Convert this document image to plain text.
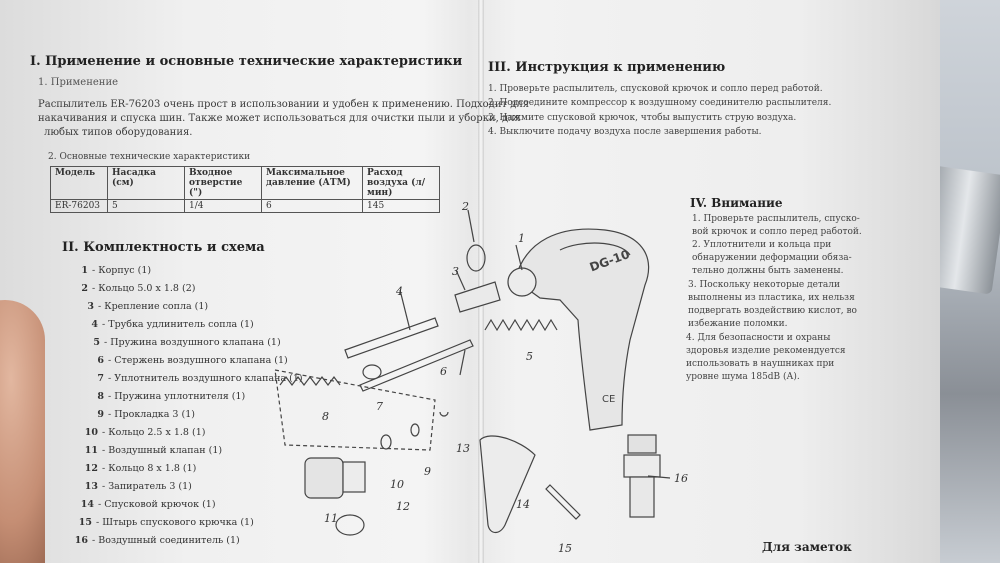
I. Применение и основные технические характеристики
1. Применение
Распылитель ER-76203 очень прост в использовании и удобен к применению. Подходит для
накачивания и спуска шин. Также может использоваться для очистки пыли и уборки, для
любых типов оборудования.
2. Основные технические характеристики
Модель	Насадка (см)	Входное отверстие (")	Максимальное давление (АТМ)	Расход воздуха (л/мин)
ER-76203	5	1/4	6	145
II. Комплектность и схема
1 - Корпус (1)
2 - Кольцо 5.0 х 1.8 (2)
3 - Крепление сопла (1)
4 - Трубка удлинитель сопла (1)
5 - Пружина воздушного клапана (1)
6 - Стержень воздушного клапана (1)
7 - Уплотнитель воздушного клапана (1)
8 - Пружина уплотнителя (1)
9 - Прокладка 3 (1)
10 - Кольцо 2.5 х 1.8 (1)
11 - Воздушный клапан (1)
12 - Кольцо 8 х 1.8 (1)
13 - Запиратель 3 (1)
14 - Спусковой крючок (1)
15 - Штырь спускового крючка (1)
16 - Воздушный соединитель (1)
III. Инструкция к применению
1. Проверьте распылитель, спусковой крючок и сопло перед работой.
2. Подсоедините компрессор к воздушному соединителю распылителя.
3. Нажмите спусковой крючок, чтобы выпустить струю воздуха.
4. Выключите подачу воздуха после завершения работы.
IV. Внимание
1. Проверьте распылитель, спуско-
вой крючок и сопло перед работой.
2. Уплотнители и кольца при
обнаружении деформации обяза-
тельно должны быть заменены.
3. Поскольку некоторые детали
выполнены из пластика, их нельзя
подвергать воздействию кислот, во
избежание поломки.
4. Для безопасности и охраны
здоровья изделие рекомендуется
использовать в наушниках при
уровне шума 185dB (А).
Для заметок
2
1
3
4
5
6
7
8
9
10
11
12
13
14
15
16
DG-10
CE
